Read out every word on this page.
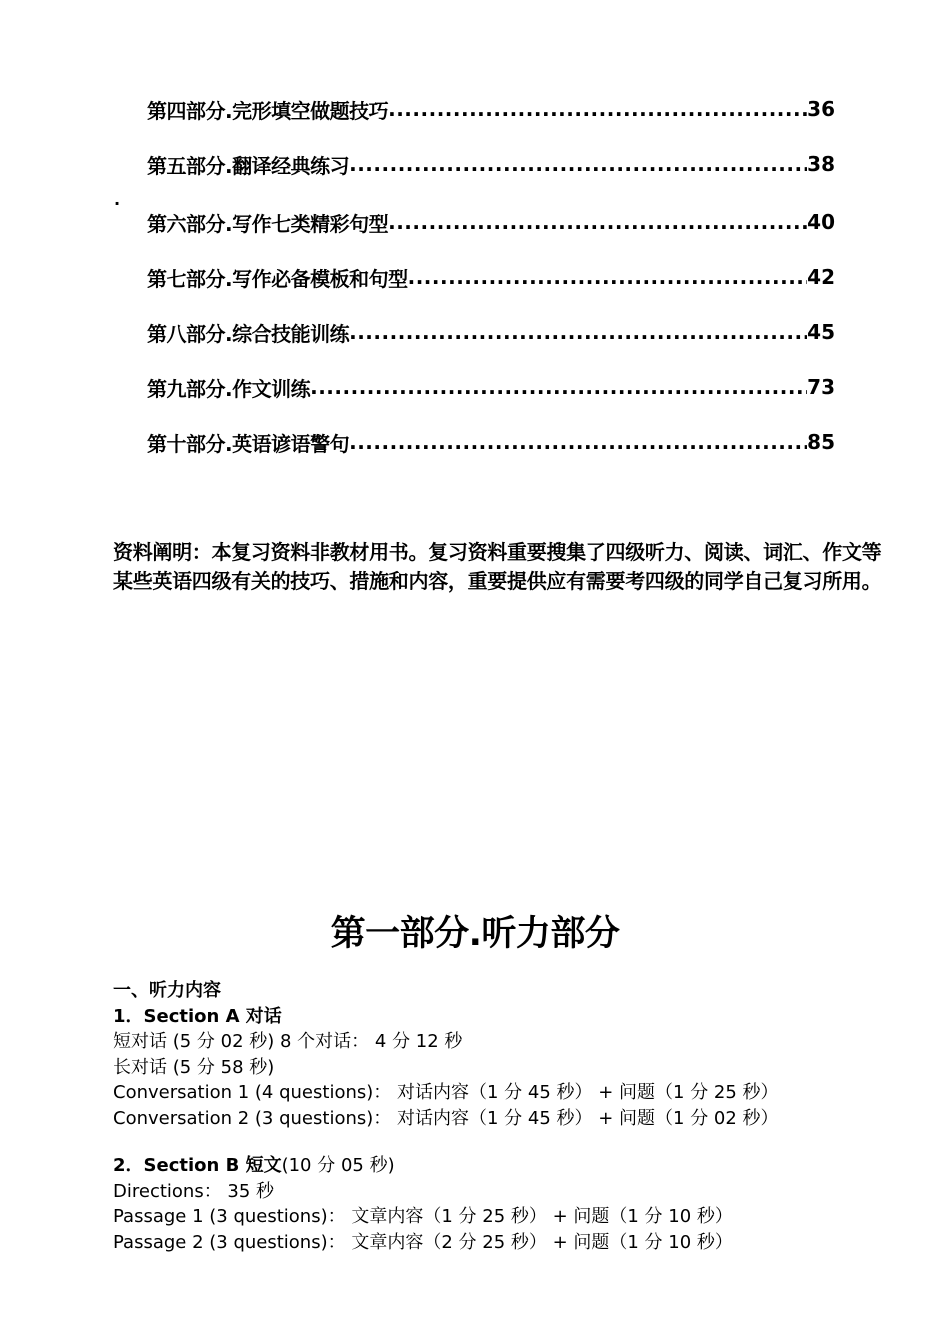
第四部分.完形填空做题技巧 .....	36
第五部分.翻译经典练习 .....	38
第六部分.写作七类精彩句型 .....	40
第七部分.写作必备模板和句型 .....	42
第八部分.综合技能训练 .....	45
第九部分.作文训练 .....	73
第十部分.英语谚语警句 .....	85
.
资料阐明：本复习资料非教材用书。复习资料重要搜集了四级听力、阅读、词汇、作文等某些英语四级有关的技巧、措施和内容，重要提供应有需要考四级的同学自己复习所用。
第一部分.听力部分
一、听力内容
1．Section A 对话
短对话 (5 分 02 秒) 8 个对话： 4 分 12 秒
长对话 (5 分 58 秒)
Conversation 1 (4 questions)： 对话内容（1 分 45 秒） + 问题（1 分 25 秒）
Conversation 2 (3 questions)： 对话内容（1 分 45 秒） + 问题（1 分 02 秒）
2．Section B 短文(10 分 05 秒)
Directions： 35 秒
Passage 1 (3 questions)： 文章内容（1 分 25 秒） + 问题（1 分 10 秒）
Passage 2 (3 questions)： 文章内容（2 分 25 秒） + 问题（1 分 10 秒）
